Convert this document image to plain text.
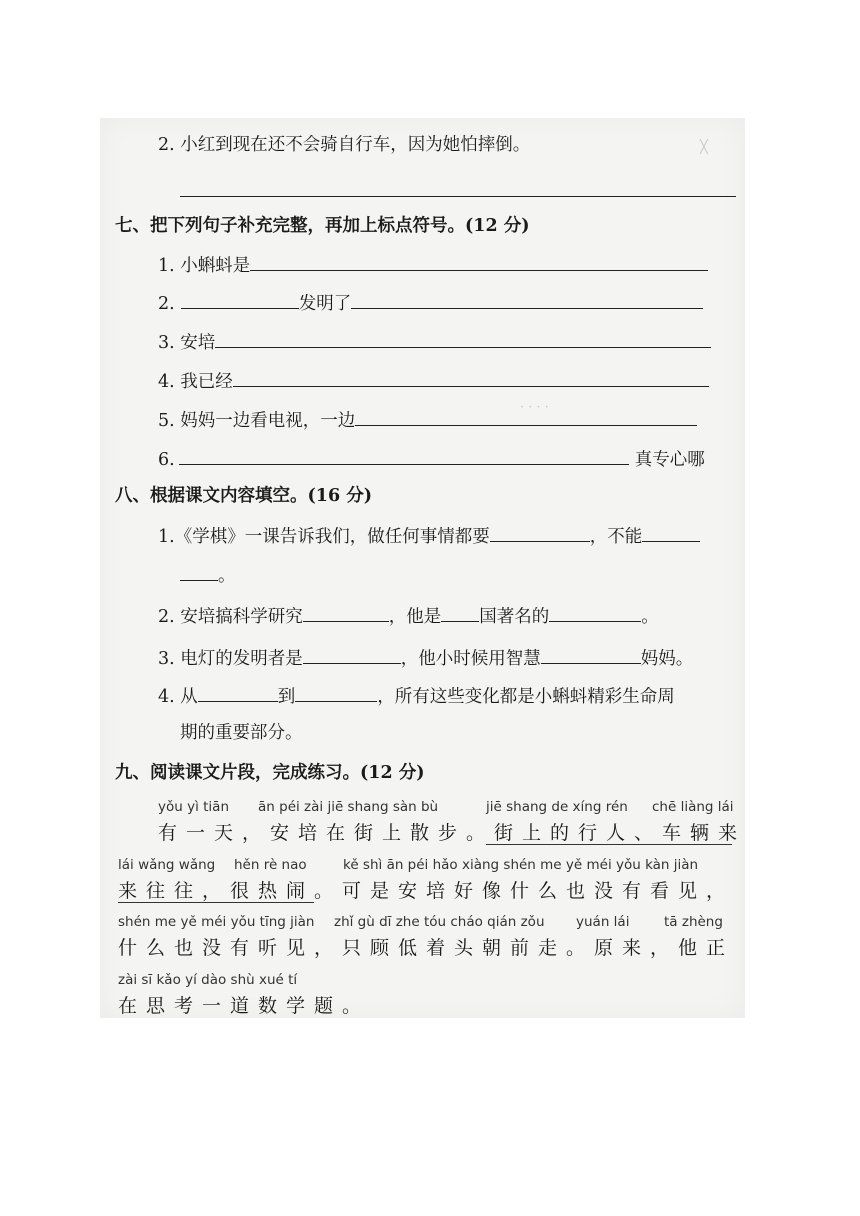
╳
· · · ·
2. 小红到现在还不会骑自行车，因为她怕摔倒。
七、把下列句子补充完整，再加上标点符号。(12 分)
1. 小蝌蚪是
2.	发明了
3. 安培
4. 我已经
5. 妈妈一边看电视，一边
6.	真专心哪
八、根据课文内容填空。(16 分)
1.《学棋》一课告诉我们，做任何事情都要	，不能
。
2. 安培搞科学研究	，他是 国著名的	。
3. 电灯的发明者是	，他小时候用智慧	妈妈。
4. 从	到	，所有这些变化都是小蝌蚪精彩生命周
期的重要部分。
九、阅读课文片段，完成练习。(12 分)
yǒu yì tiān ān péi zài jiē shang sàn bù	jiē shang de xíng rén chē liàng lái
有一天，安培在街上散步。街上的行人、车辆来
lái wǎng wǎng hěn rè nao	kě shì ān péi hǎo xiàng shén me yě méi yǒu kàn jiàn
来往往，很热闹。可是安培好像什么也没有看见，
shén me yě méi yǒu tīng jiàn zhǐ gù dī zhe tóu cháo qián zǒu yuán lái	tā zhèng
什么也没有听见，只顾低着头朝前走。原来，他正
zài sī kǎo yí dào shù xué tí
在思考一道数学题。
